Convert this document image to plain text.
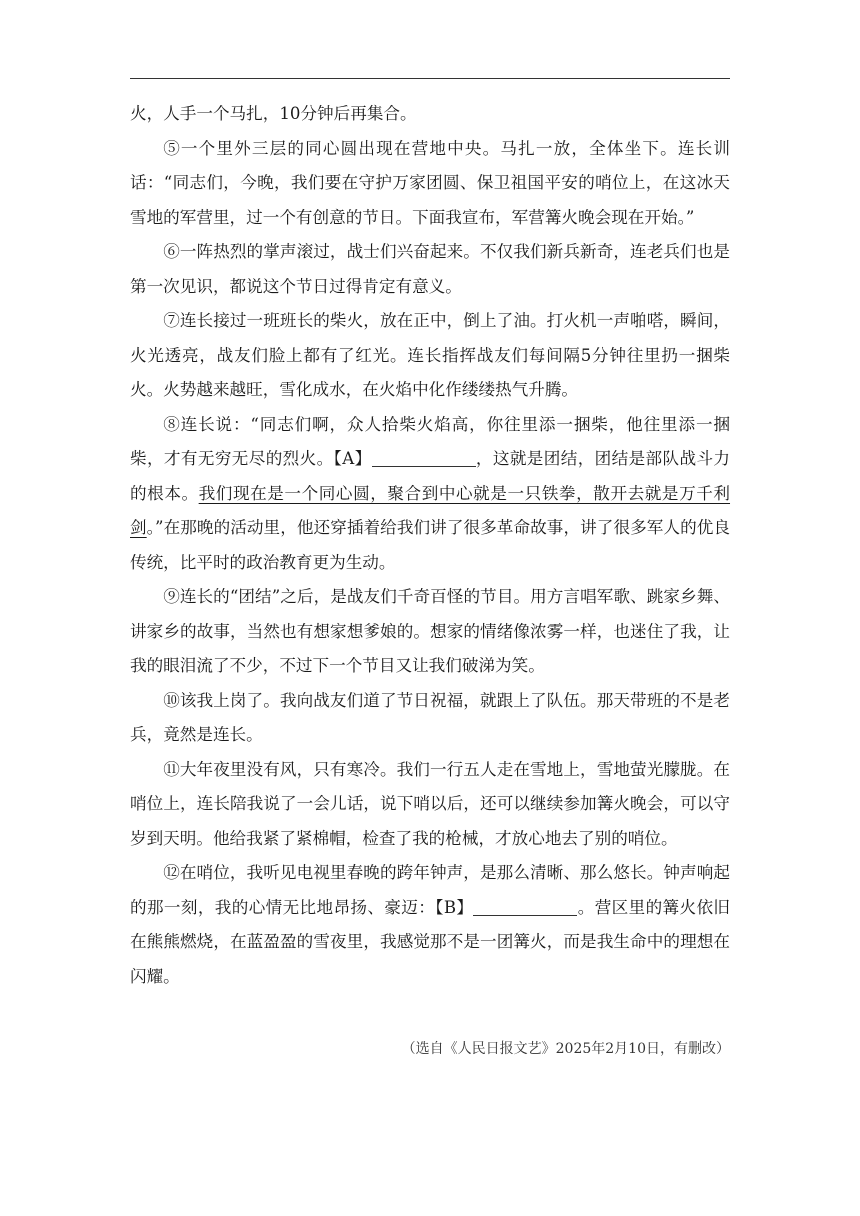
火，人手一个马扎，10分钟后再集合。

⑤一个里外三层的同心圆出现在营地中央。马扎一放，全体坐下。连长训话：“同志们，今晚，我们要在守护万家团圆、保卫祖国平安的哨位上，在这冰天雪地的军营里，过一个有创意的节日。下面我宣布，军营篝火晚会现在开始。”

⑥一阵热烈的掌声滚过，战士们兴奋起来。不仅我们新兵新奇，连老兵们也是第一次见识，都说这个节日过得肯定有意义。

⑦连长接过一班班长的柴火，放在正中，倒上了油。打火机一声啪嗒，瞬间，火光透亮，战友们脸上都有了红光。连长指挥战友们每间隔5分钟往里扔一捆柴火。火势越来越旺，雪化成水，在火焰中化作缕缕热气升腾。

⑧连长说：“同志们啊，众人拾柴火焰高，你往里添一捆柴，他往里添一捆柴，才有无穷无尽的烈火。【A】	，这就是团结，团结是部队战斗力的根本。我们现在是一个同心圆，聚合到中心就是一只铁拳，散开去就是万千利剑。”在那晚的活动里，他还穿插着给我们讲了很多革命故事，讲了很多军人的优良传统，比平时的政治教育更为生动。

⑨连长的“团结”之后，是战友们千奇百怪的节目。用方言唱军歌、跳家乡舞、讲家乡的故事，当然也有想家想爹娘的。想家的情绪像浓雾一样，也迷住了我，让我的眼泪流了不少，不过下一个节目又让我们破涕为笑。

⑩该我上岗了。我向战友们道了节日祝福，就跟上了队伍。那天带班的不是老兵，竟然是连长。

⑪大年夜里没有风，只有寒冷。我们一行五人走在雪地上，雪地萤光朦胧。在哨位上，连长陪我说了一会儿话，说下哨以后，还可以继续参加篝火晚会，可以守岁到天明。他给我紧了紧棉帽，检查了我的枪械，才放心地去了别的哨位。

⑫在哨位，我听见电视里春晚的跨年钟声，是那么清晰、那么悠长。钟声响起的那一刻，我的心情无比地昂扬、豪迈：【B】	。营区里的篝火依旧在熊熊燃烧，在蓝盈盈的雪夜里，我感觉那不是一团篝火，而是我生命中的理想在闪耀。

（选自《人民日报文艺》2025年2月10日，有删改）
